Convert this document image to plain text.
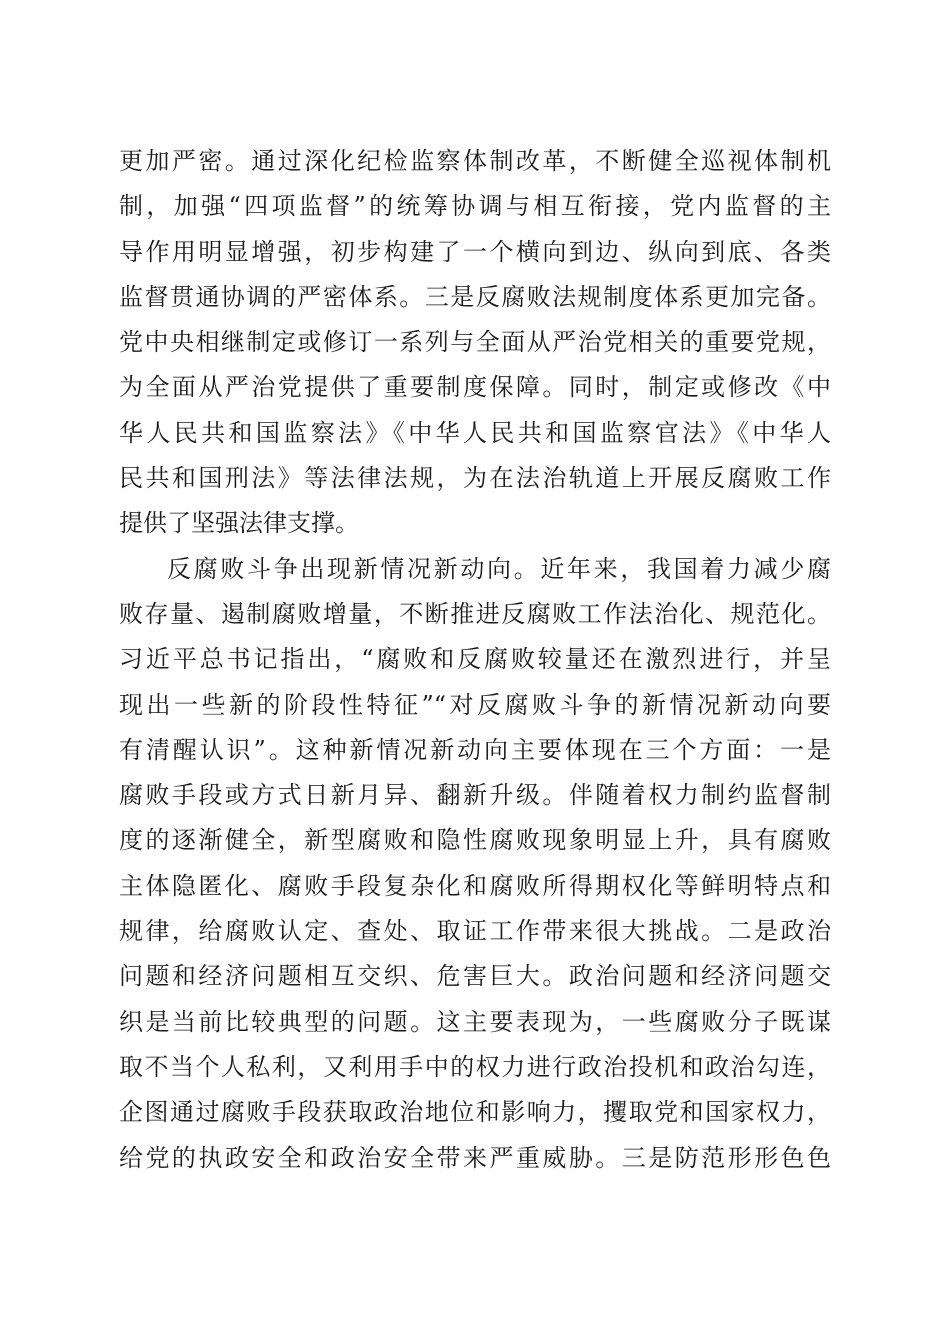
更加严密。通过深化纪检监察体制改革，不断健全巡视体制机
制，加强“四项监督”的统筹协调与相互衔接，党内监督的主
导作用明显增强，初步构建了一个横向到边、纵向到底、各类
监督贯通协调的严密体系。三是反腐败法规制度体系更加完备。
党中央相继制定或修订一系列与全面从严治党相关的重要党规，
为全面从严治党提供了重要制度保障。同时，制定或修改《中
华人民共和国监察法》《中华人民共和国监察官法》《中华人
民共和国刑法》等法律法规，为在法治轨道上开展反腐败工作
提供了坚强法律支撑。
反腐败斗争出现新情况新动向。近年来，我国着力减少腐
败存量、遏制腐败增量，不断推进反腐败工作法治化、规范化。
习近平总书记指出，“腐败和反腐败较量还在激烈进行，并呈
现出一些新的阶段性特征”“对反腐败斗争的新情况新动向要
有清醒认识”。这种新情况新动向主要体现在三个方面：一是
腐败手段或方式日新月异、翻新升级。伴随着权力制约监督制
度的逐渐健全，新型腐败和隐性腐败现象明显上升，具有腐败
主体隐匿化、腐败手段复杂化和腐败所得期权化等鲜明特点和
规律，给腐败认定、查处、取证工作带来很大挑战。二是政治
问题和经济问题相互交织、危害巨大。政治问题和经济问题交
织是当前比较典型的问题。这主要表现为，一些腐败分子既谋
取不当个人私利，又利用手中的权力进行政治投机和政治勾连，
企图通过腐败手段获取政治地位和影响力，攫取党和国家权力，
给党的执政安全和政治安全带来严重威胁。三是防范形形色色
